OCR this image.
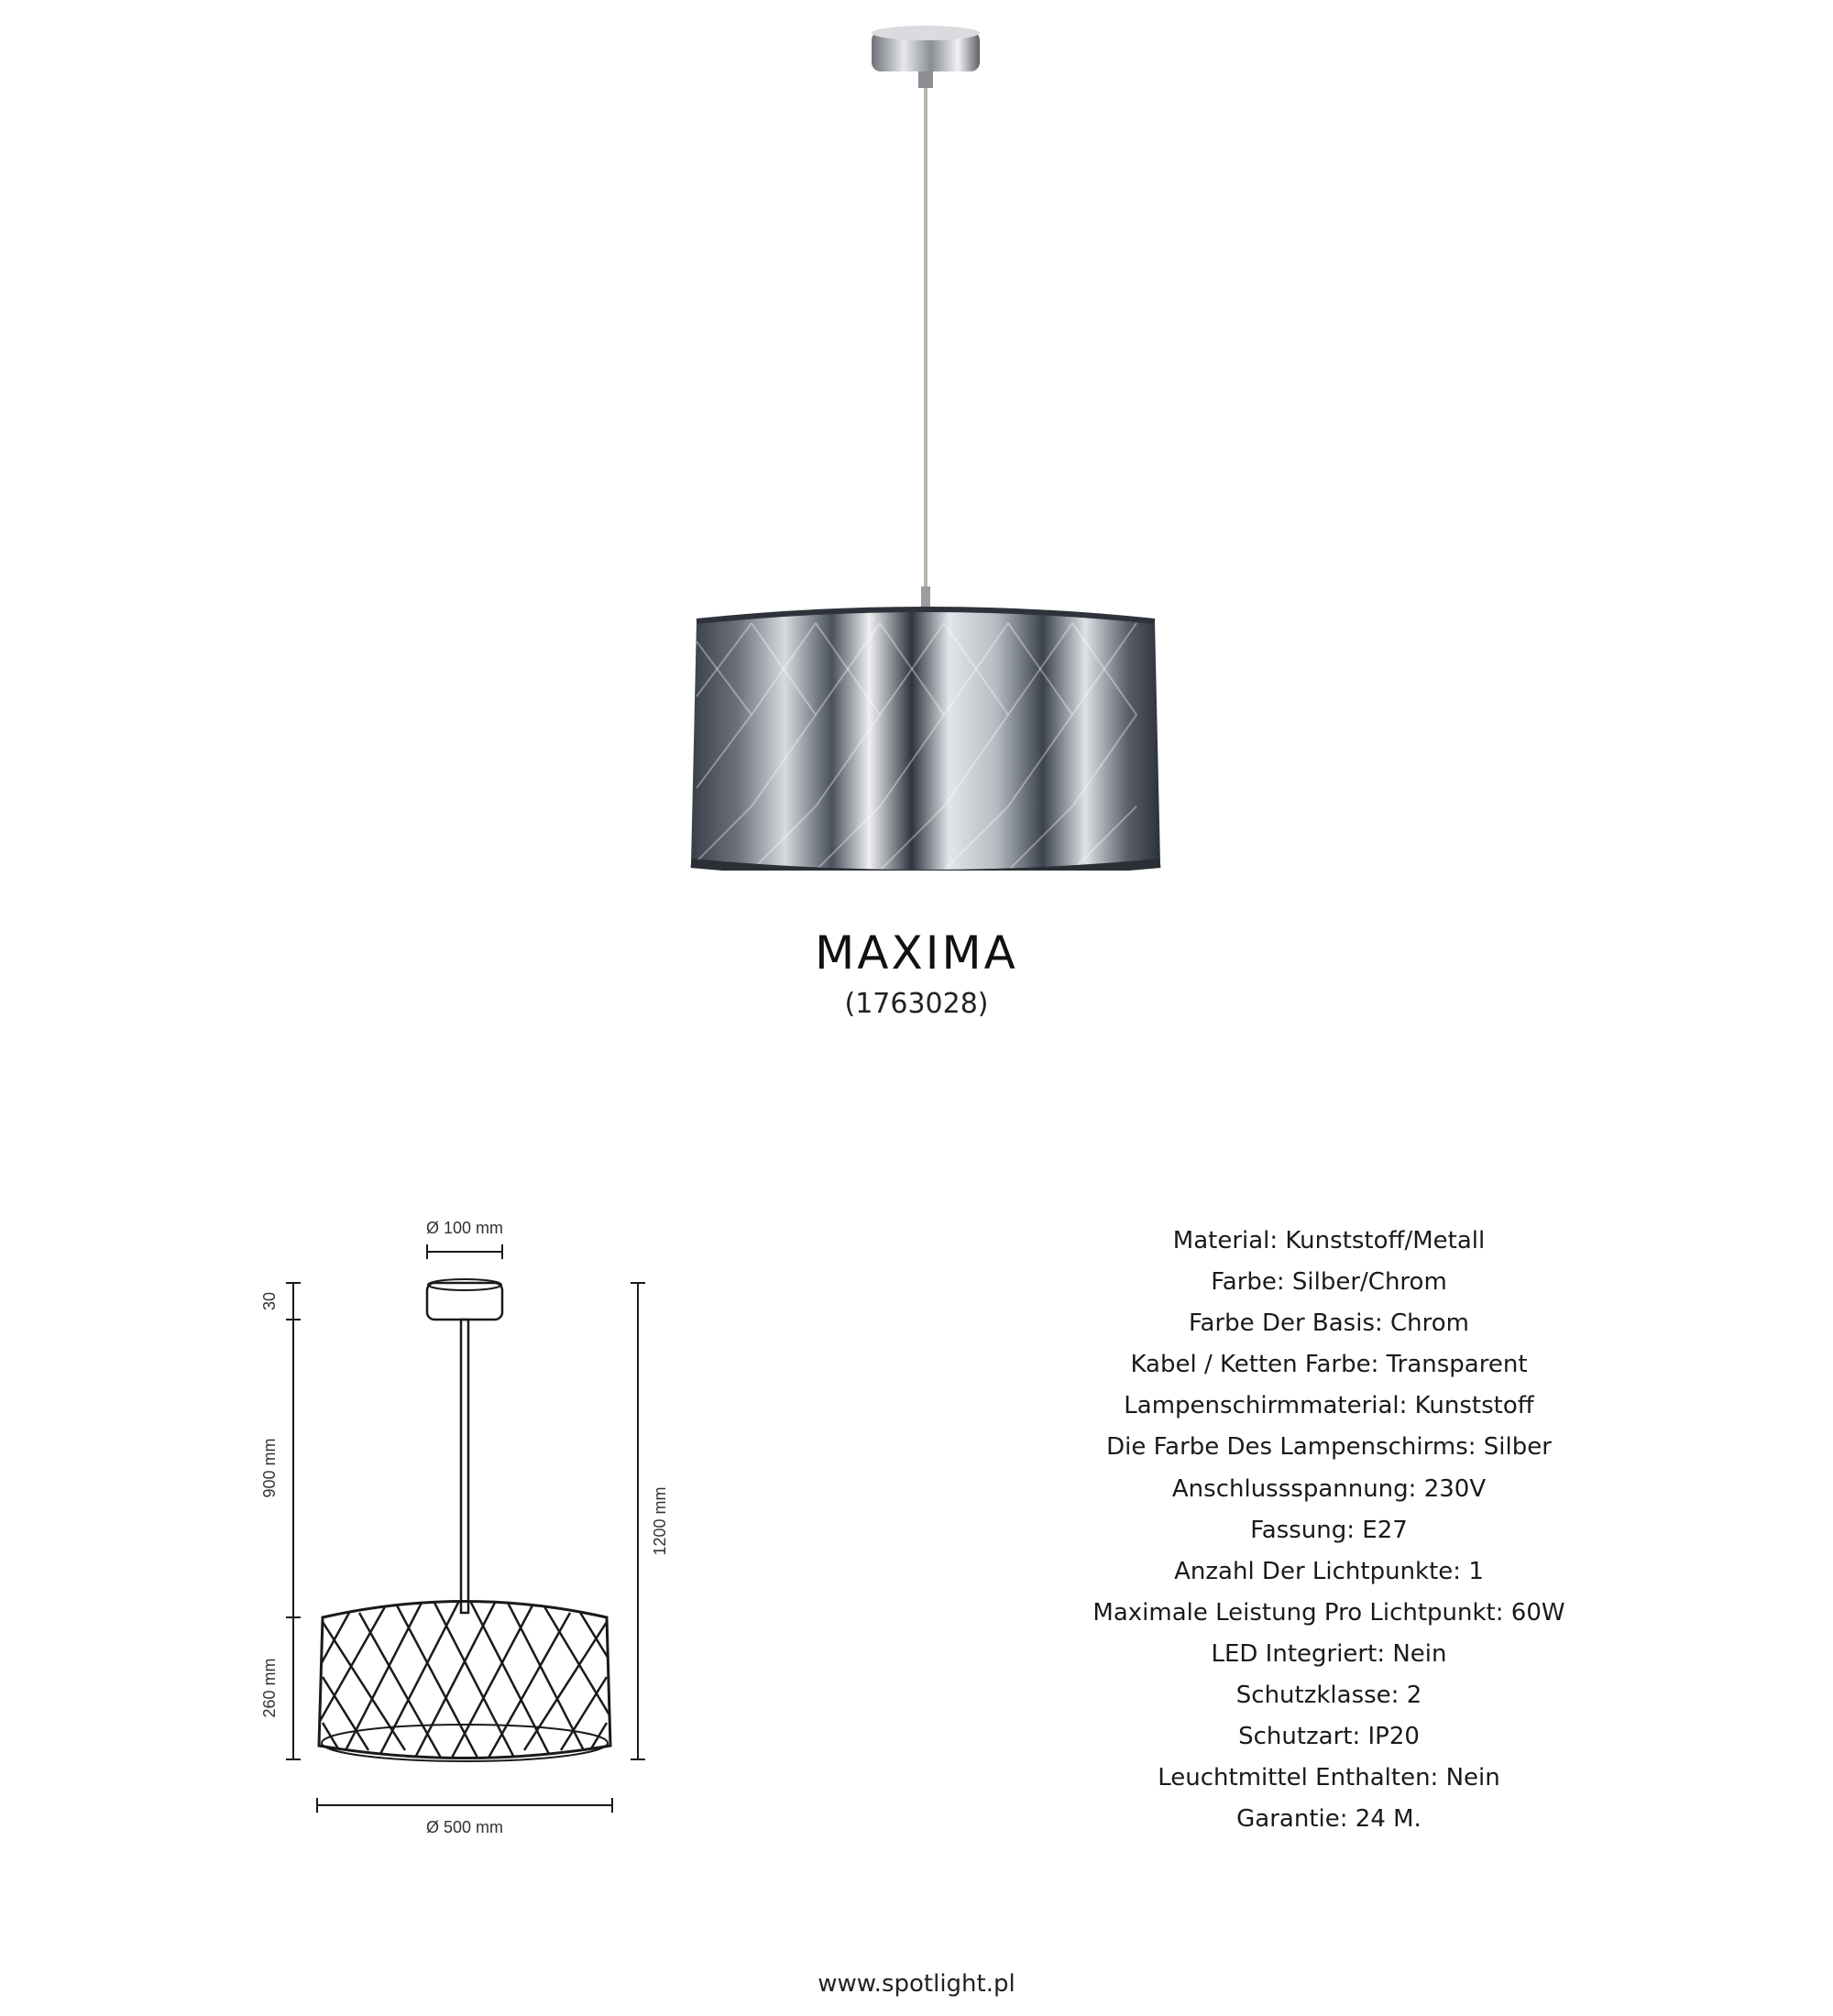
MAXIMA
(1763028)
Ø 100 mm
Ø 500 mm
30
900 mm
260 mm
1200 mm
Material: Kunststoff/Metall
Farbe: Silber/Chrom
Farbe Der Basis: Chrom
Kabel / Ketten Farbe: Transparent
Lampenschirmmaterial: Kunststoff
Die Farbe Des Lampenschirms: Silber
Anschlussspannung: 230V
Fassung: E27
Anzahl Der Lichtpunkte: 1
Maximale Leistung Pro Lichtpunkt: 60W
LED Integriert: Nein
Schutzklasse: 2
Schutzart: IP20
Leuchtmittel Enthalten: Nein
Garantie: 24 M.
www.spotlight.pl
